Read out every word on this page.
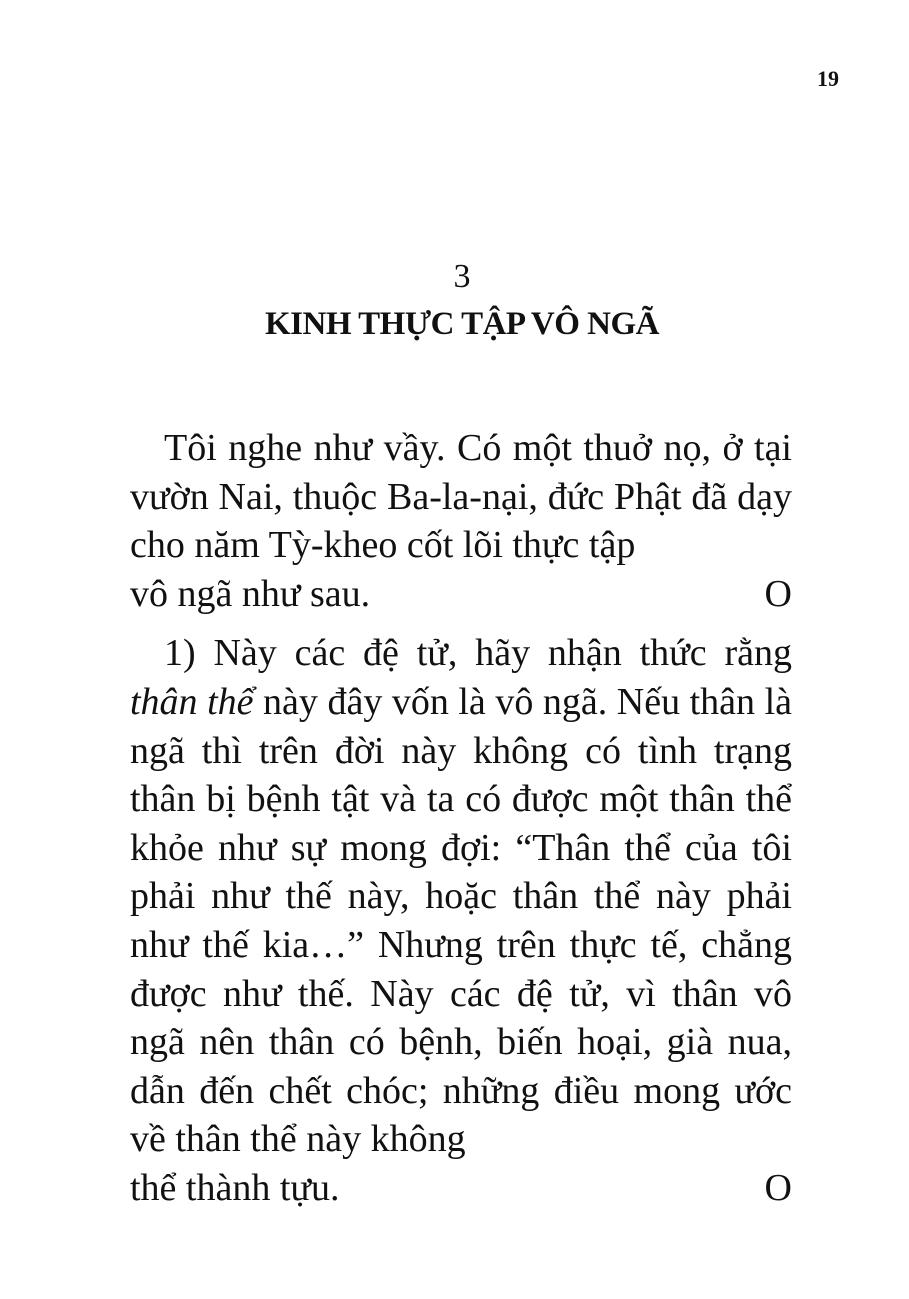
19
3
KINH THỰC TẬP VÔ NGÃ
Tôi nghe như vầy. Có một thuở nọ, ở tại vườn Nai, thuộc Ba-la-nại, đức Phật đã dạy cho năm Tỳ-kheo cốt lõi thực tập
vô ngã như sau.	O
1) Này các đệ tử, hãy nhận thức rằng thân thể này đây vốn là vô ngã. Nếu thân là ngã thì trên đời này không có tình trạng thân bị bệnh tật và ta có được một thân thể khỏe như sự mong đợi: “Thân thể của tôi phải như thế này, hoặc thân thể này phải như thế kia…” Nhưng trên thực tế, chẳng được như thế. Này các đệ tử, vì thân vô ngã nên thân có bệnh, biến hoại, già nua, dẫn đến chết chóc; những điều mong ước về thân thể này không
thể thành tựu.	O
